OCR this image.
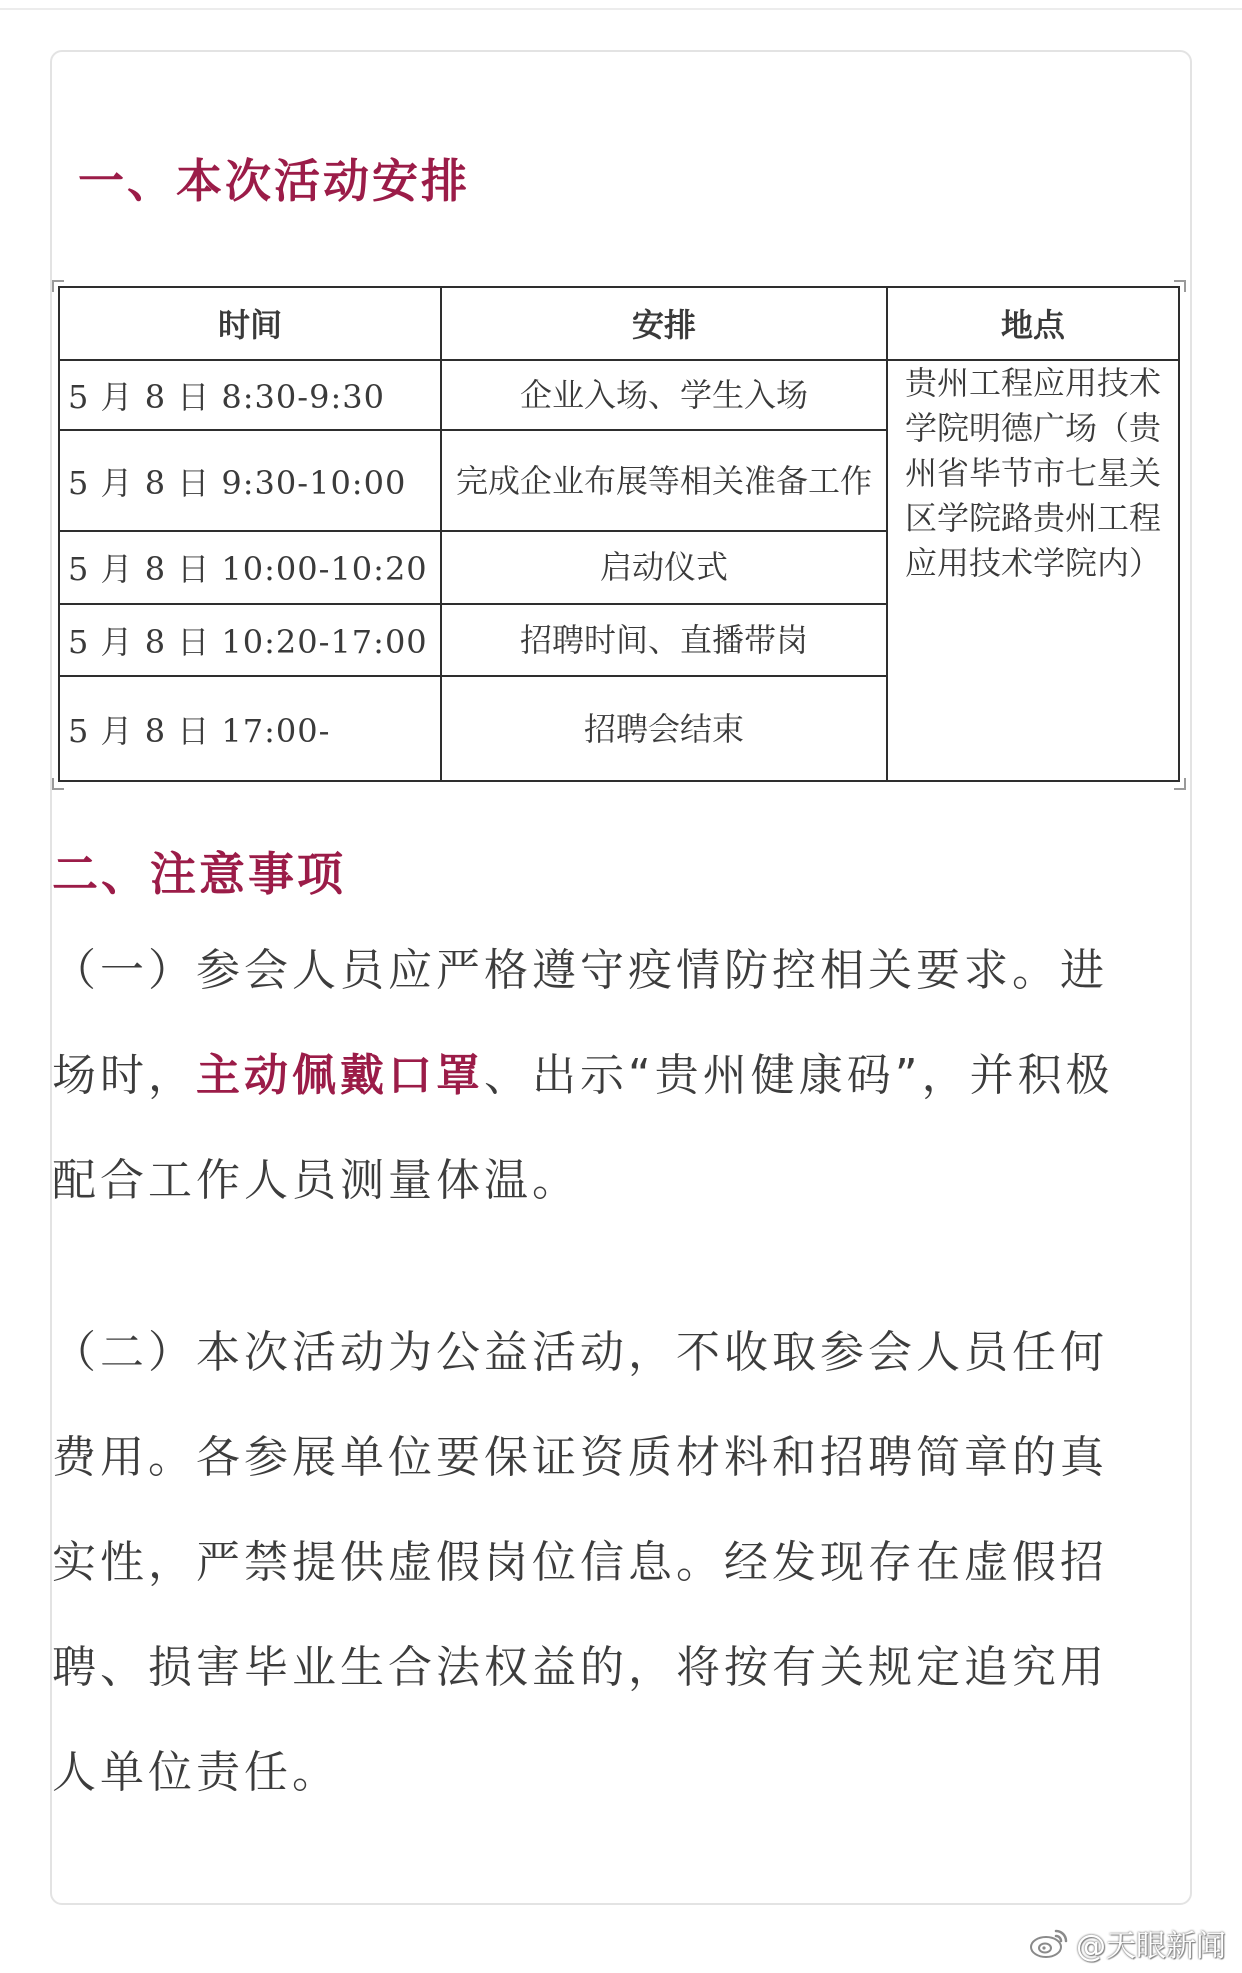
一、本次活动安排
时间	安排	地点
5 月 8 日 8:30-9:30	企业入场、学生入场	贵州工程应用技术学院明德广场（贵州省毕节市七星关区学院路贵州工程应用技术学院内）
5 月 8 日 9:30-10:00	完成企业布展等相关准备工作	
5 月 8 日 10:00-10:20	启动仪式	
5 月 8 日 10:20-17:00	招聘时间、直播带岗	
5 月 8 日 17:00-	招聘会结束	
二、注意事项

（一）参会人员应严格遵守疫情防控相关要求。进场时，主动佩戴口罩、出示“贵州健康码”，并积极配合工作人员测量体温。

（二）本次活动为公益活动，不收取参会人员任何费用。各参展单位要保证资质材料和招聘简章的真实性，严禁提供虚假岗位信息。经发现存在虚假招聘、损害毕业生合法权益的，将按有关规定追究用人单位责任。

@天眼新闻
